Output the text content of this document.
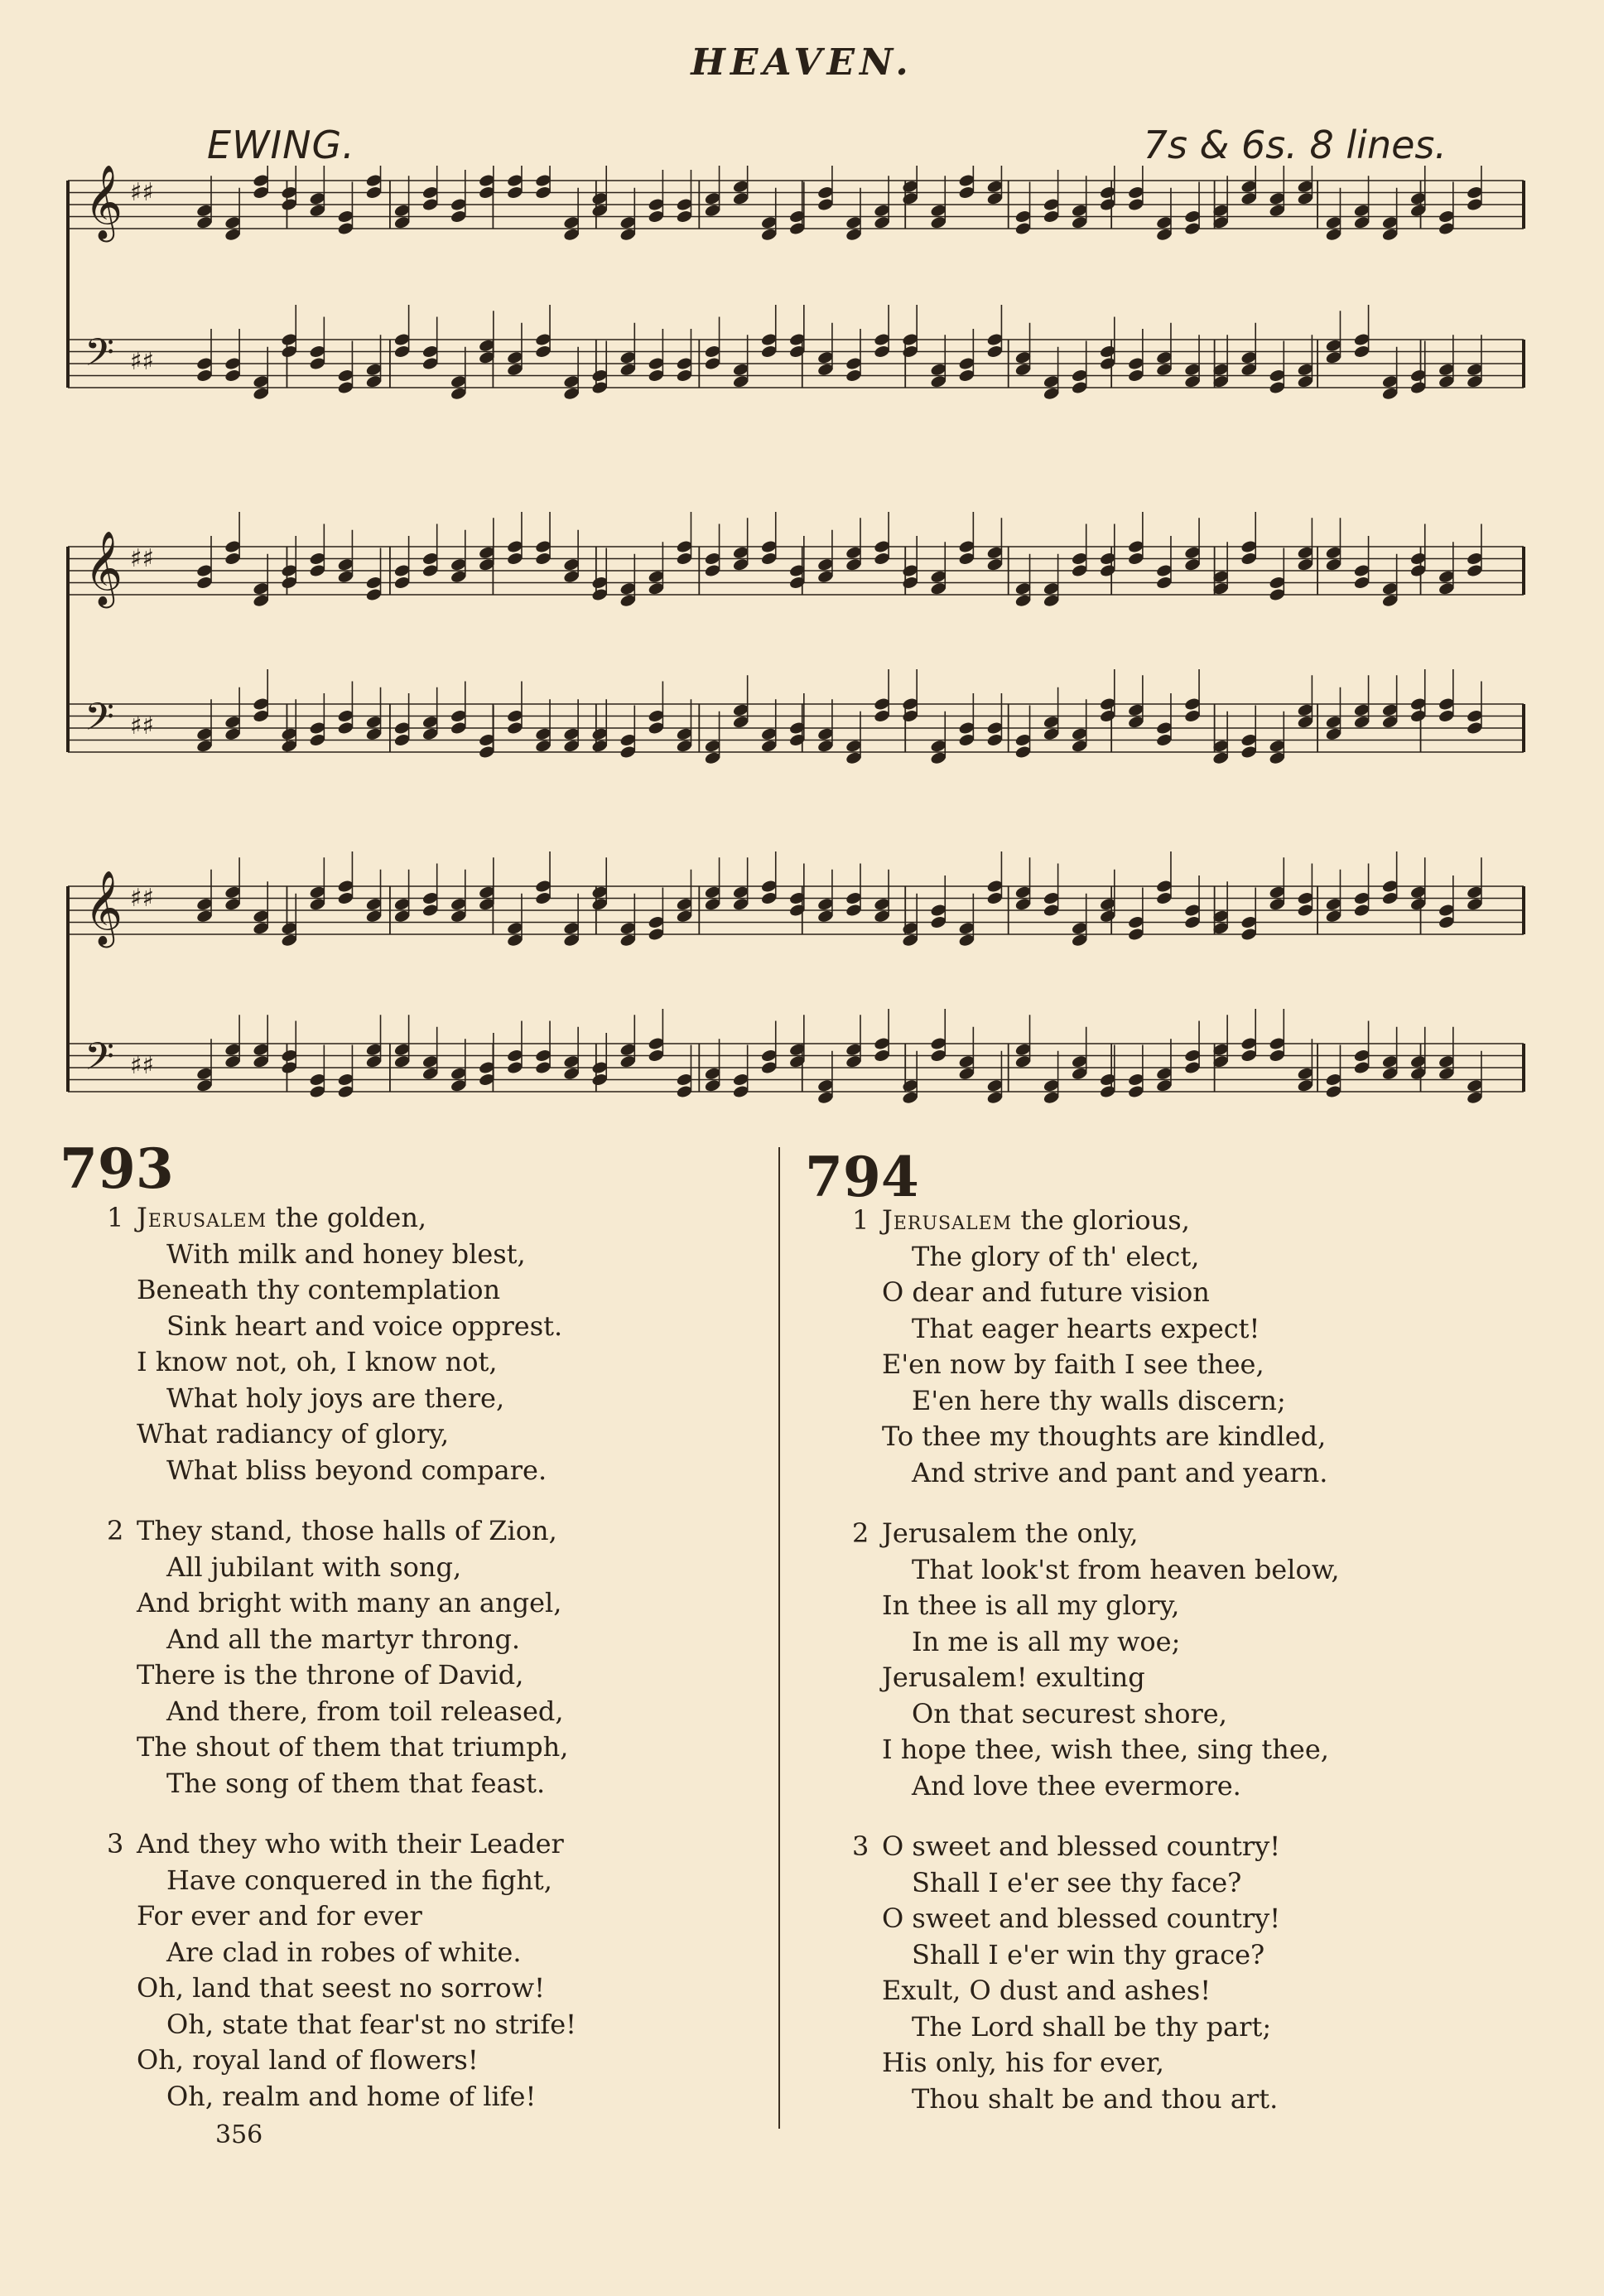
HEAVEN.
EWING.	7s & 6s. 8 lines.
𝄞 ♯♯
𝄢 ♯♯
𝄞 ♯♯
𝄢 ♯♯
𝄞 ♯♯
𝄢 ♯♯
793	794
1 Jerusalem the golden,
With milk and honey blest,
Beneath thy contemplation
Sink heart and voice opprest.
I know not, oh, I know not,
What holy joys are there,
What radiancy of glory,
What bliss beyond compare.
2 They stand, those halls of Zion,
All jubilant with song,
And bright with many an angel,
And all the martyr throng.
There is the throne of David,
And there, from toil released,
The shout of them that triumph,
The song of them that feast.
3 And they who with their Leader
Have conquered in the fight,
For ever and for ever
Are clad in robes of white.
Oh, land that seest no sorrow!
Oh, state that fear'st no strife!
Oh, royal land of flowers!
Oh, realm and home of life!
1 Jerusalem the glorious,
The glory of th' elect,
O dear and future vision
That eager hearts expect!
E'en now by faith I see thee,
E'en here thy walls discern;
To thee my thoughts are kindled,
And strive and pant and yearn.
2 Jerusalem the only,
That look'st from heaven below,
In thee is all my glory,
In me is all my woe;
Jerusalem! exulting
On that securest shore,
I hope thee, wish thee, sing thee,
And love thee evermore.
3 O sweet and blessed country!
Shall I e'er see thy face?
O sweet and blessed country!
Shall I e'er win thy grace?
Exult, O dust and ashes!
The Lord shall be thy part;
His only, his for ever,
Thou shalt be and thou art.
356
